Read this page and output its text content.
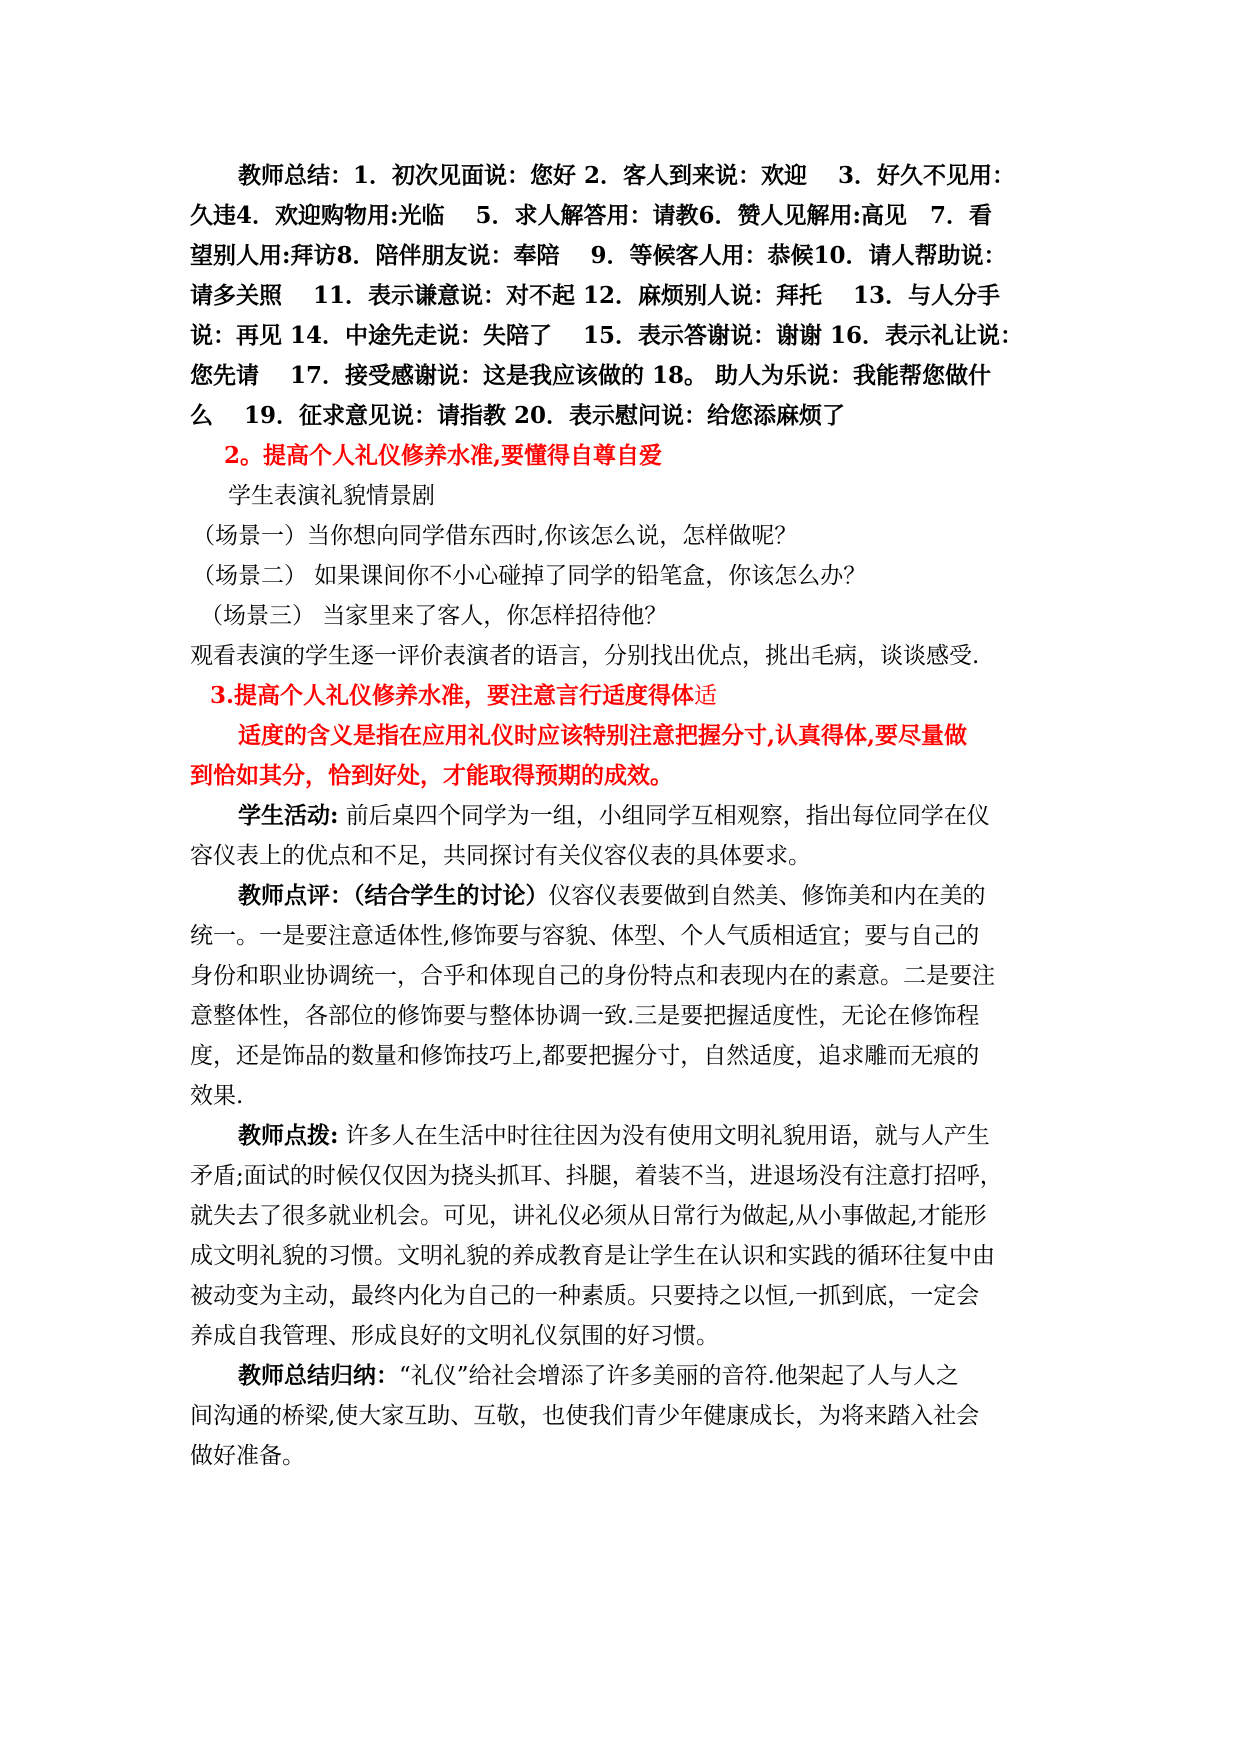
教师总结：1．初次见面说：您好 2．客人到来说：欢迎　 3．好久不见用：
久违4．欢迎购物用:光临　 5．求人解答用：请教6．赞人见解用:高见　7．看
望别人用:拜访8．陪伴朋友说：奉陪　 9．等候客人用：恭候10．请人帮助说：
请多关照　 11．表示谦意说：对不起 12．麻烦别人说：拜托　 13．与人分手
说：再见 14．中途先走说：失陪了　 15．表示答谢说：谢谢 16．表示礼让说：
您先请　 17．接受感谢说：这是我应该做的 18。 助人为乐说：我能帮您做什
么　 19．征求意见说：请指教 20．表示慰问说：给您添麻烦了
2。提高个人礼仪修养水准,要懂得自尊自爱
学生表演礼貌情景剧
（场景一）当你想向同学借东西时,你该怎么说，怎样做呢？
（场景二） 如果课间你不小心碰掉了同学的铅笔盒，你该怎么办？
（场景三） 当家里来了客人，你怎样招待他？
观看表演的学生逐一评价表演者的语言，分别找出优点，挑出毛病，谈谈感受.
3.提高个人礼仪修养水准，要注意言行适度得体适
适度的含义是指在应用礼仪时应该特别注意把握分寸,认真得体,要尽量做
到恰如其分，恰到好处，才能取得预期的成效。
学生活动: 前后桌四个同学为一组，小组同学互相观察，指出每位同学在仪
容仪表上的优点和不足，共同探讨有关仪容仪表的具体要求。
教师点评：（结合学生的讨论）仪容仪表要做到自然美、修饰美和内在美的
统一。一是要注意适体性,修饰要与容貌、体型、个人气质相适宜；要与自己的
身份和职业协调统一，合乎和体现自己的身份特点和表现内在的素意。二是要注
意整体性，各部位的修饰要与整体协调一致.三是要把握适度性，无论在修饰程
度，还是饰品的数量和修饰技巧上,都要把握分寸，自然适度，追求雕而无痕的
效果.
教师点拨: 许多人在生活中时往往因为没有使用文明礼貌用语，就与人产生
矛盾;面试的时候仅仅因为挠头抓耳、抖腿，着装不当，进退场没有注意打招呼，
就失去了很多就业机会。可见，讲礼仪必须从日常行为做起,从小事做起,才能形
成文明礼貌的习惯。文明礼貌的养成教育是让学生在认识和实践的循环往复中由
被动变为主动，最终内化为自己的一种素质。只要持之以恒,一抓到底，一定会
养成自我管理、形成良好的文明礼仪氛围的好习惯。
教师总结归纳：“礼仪”给社会增添了许多美丽的音符.他架起了人与人之
间沟通的桥梁,使大家互助、互敬，也使我们青少年健康成长，为将来踏入社会
做好准备。
